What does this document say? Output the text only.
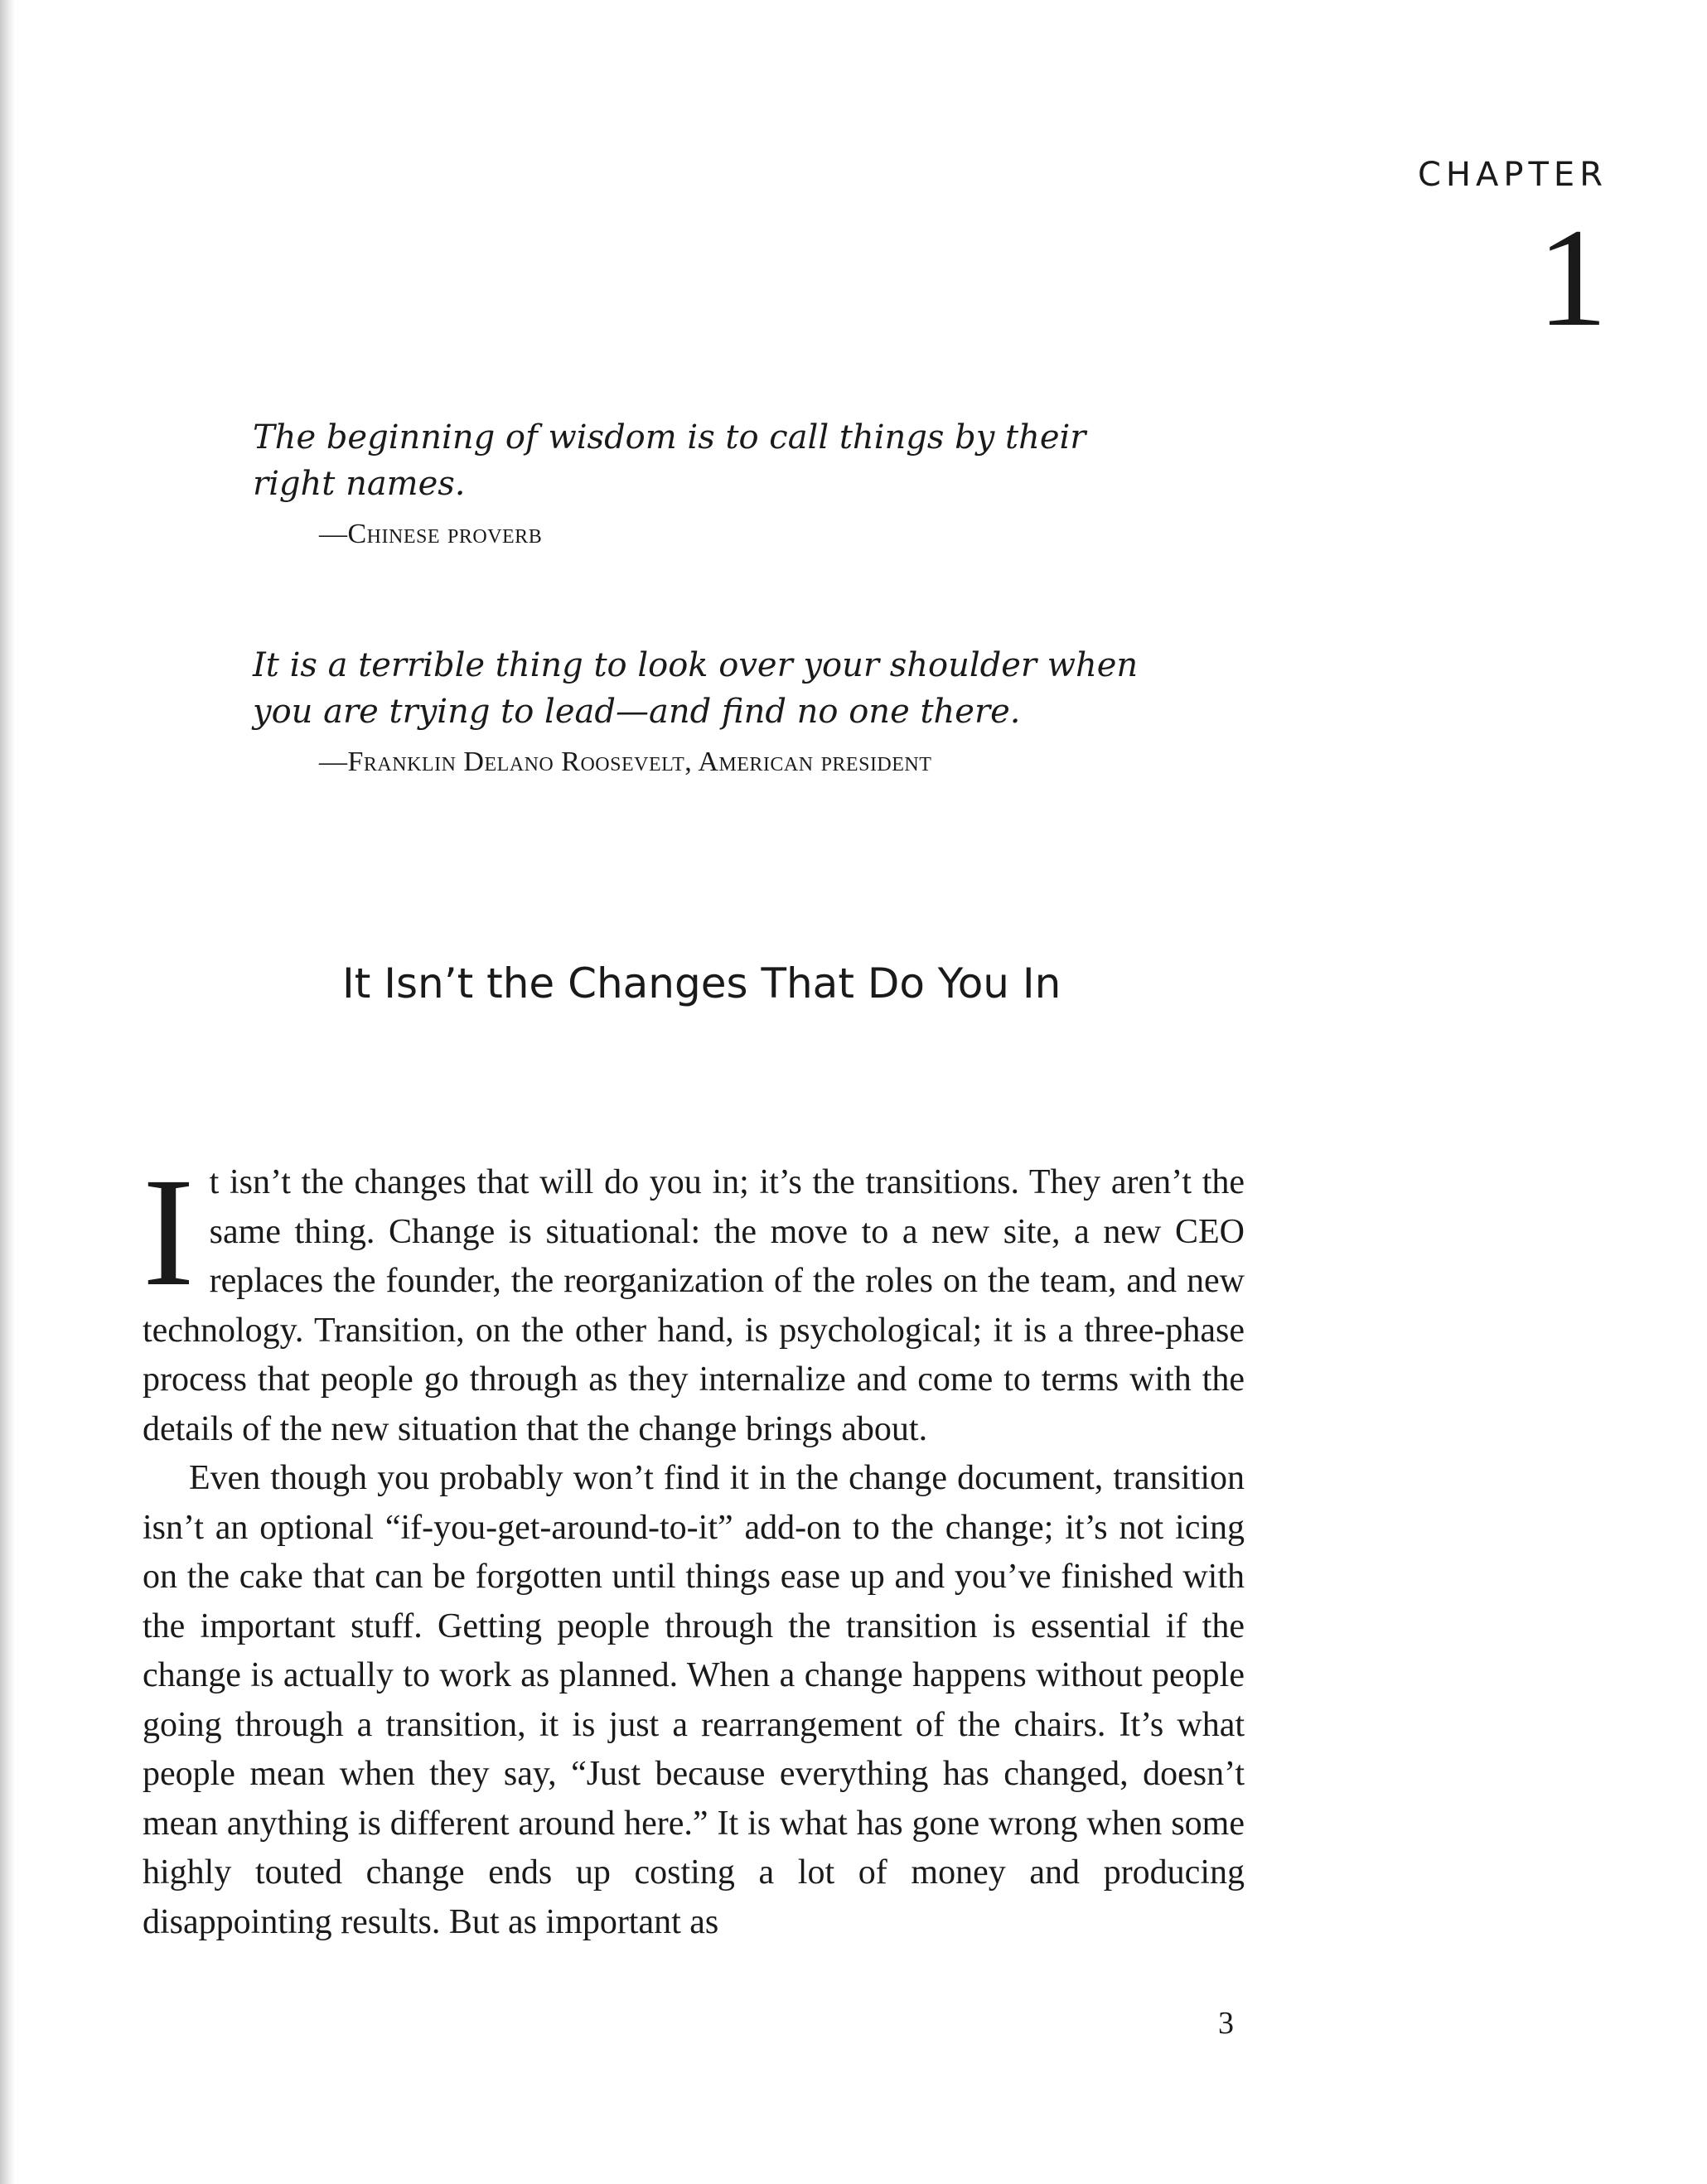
CHAPTER
1

The beginning of wisdom is to call things by their right names.

—Chinese proverb

It is a terrible thing to look over your shoulder when you are trying to lead—and find no one there.

—Franklin Delano Roosevelt, American president

It Isn’t the Changes That Do You In

It isn’t the changes that will do you in; it’s the transitions. They aren’t the same thing. Change is situational: the move to a new site, a new CEO replaces the founder, the reorganization of the roles on the team, and new technology. Transition, on the other hand, is psychological; it is a three-phase process that people go through as they internalize and come to terms with the details of the new situation that the change brings about.

Even though you probably won’t find it in the change document, transition isn’t an optional “if-you-get-around-to-it” add-on to the change; it’s not icing on the cake that can be forgotten until things ease up and you’ve finished with the important stuff. Getting people through the transition is essential if the change is actually to work as planned. When a change happens without people going through a transition, it is just a rearrangement of the chairs. It’s what people mean when they say, “Just because everything has changed, doesn’t mean anything is different around here.” It is what has gone wrong when some highly touted change ends up costing a lot of money and producing disappointing results. But as important as

3
